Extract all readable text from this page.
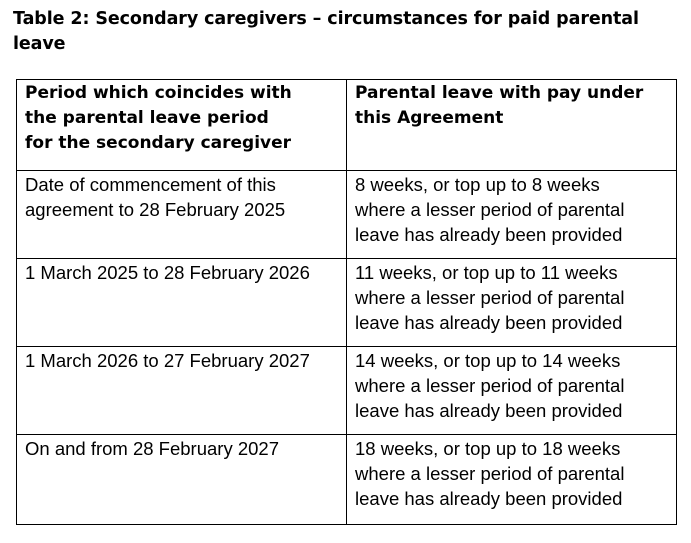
Table 2: Secondary caregivers – circumstances for paid parental
leave
Period which coincides with
the parental leave period
for the secondary caregiver	Parental leave with pay under
this Agreement

Date of commencement of this
agreement to 28 February 2025	8 weeks, or top up to 8 weeks
where a lesser period of parental
leave has already been provided

1 March 2025 to 28 February 2026	11 weeks, or top up to 11 weeks
where a lesser period of parental
leave has already been provided

1 March 2026 to 27 February 2027	14 weeks, or top up to 14 weeks
where a lesser period of parental
leave has already been provided

On and from 28 February 2027	18 weeks, or top up to 18 weeks
where a lesser period of parental
leave has already been provided
